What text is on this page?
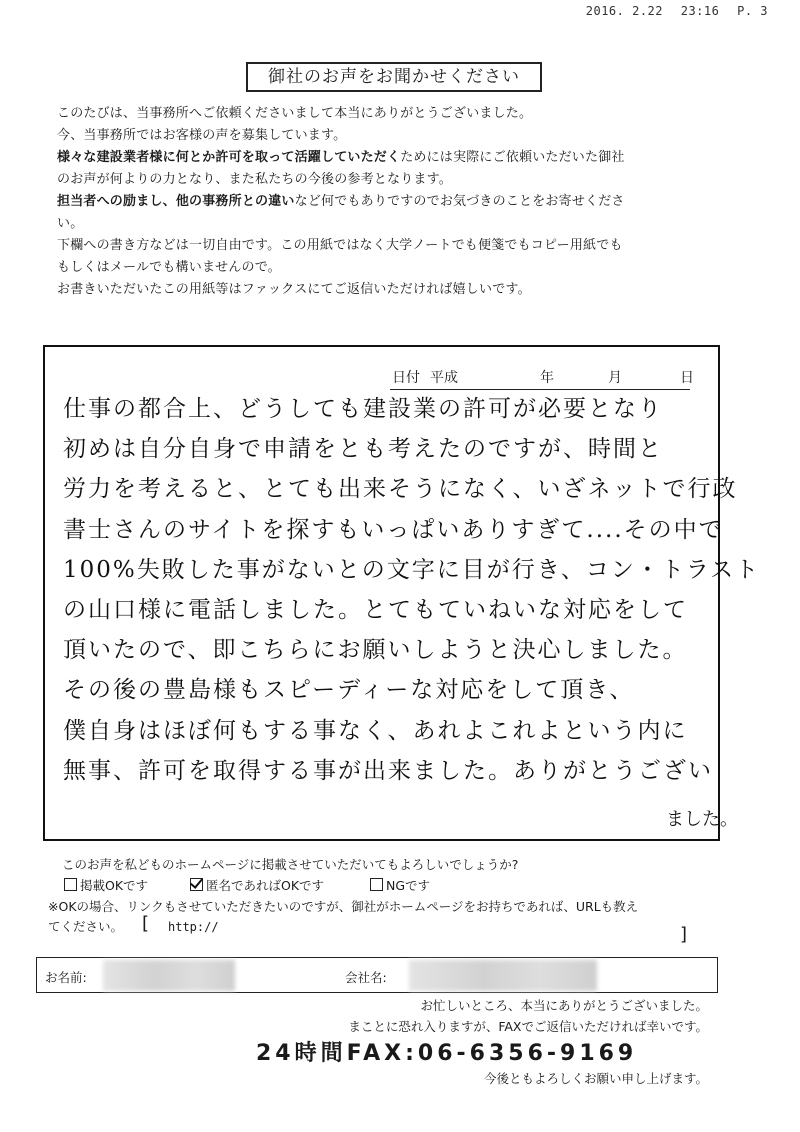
2016. 2.22 23:16 P. 3
御社のお声をお聞かせください

このたびは、当事務所へご依頼くださいまして本当にありがとうございました。

今、当事務所ではお客様の声を募集しています。

様々な建設業者様に何とか許可を取って活躍していただくためには実際にご依頼いただいた御社

のお声が何よりの力となり、また私たちの今後の参考となります。

担当者への励まし、他の事務所との違いなど何でもありですのでお気づきのことをお寄せくださ

い。

下欄への書き方などは一切自由です。この用紙ではなく大学ノートでも便箋でもコピー用紙でも

もしくはメールでも構いませんので。

お書きいただいたこの用紙等はファックスにてご返信いただければ嬉しいです。

日付 平成	年	月	日
仕事の都合上、どうしても建設業の許可が必要となり
初めは自分自身で申請をとも考えたのですが、時間と
労力を考えると、とても出来そうになく、いざネットで行政
書士さんのサイトを探すもいっぱいありすぎて....その中で
100%失敗した事がないとの文字に目が行き、コン・トラスト
の山口様に電話しました。とてもていねいな対応をして
頂いたので、即こちらにお願いしようと決心しました。
その後の豊島様もスピーディーな対応をして頂き、
僕自身はほぼ何もする事なく、あれよこれよという内に
無事、許可を取得する事が出来ました。ありがとうござい
ました。
このお声を私どものホームページに掲載させていただいてもよろしいでしょうか?
掲載OKです	匿名であればOKです	NGです

※OKの場合、リンクもさせていただきたいのですが、御社がホームページをお持ちであれば、URLも教え

てください。 [ http://	]
お名前:	会社名:
お忙しいところ、本当にありがとうございました。
まことに恐れ入りますが、FAXでご返信いただければ幸いです。
24時間FAX:06-6356-9169
今後ともよろしくお願い申し上げます。
